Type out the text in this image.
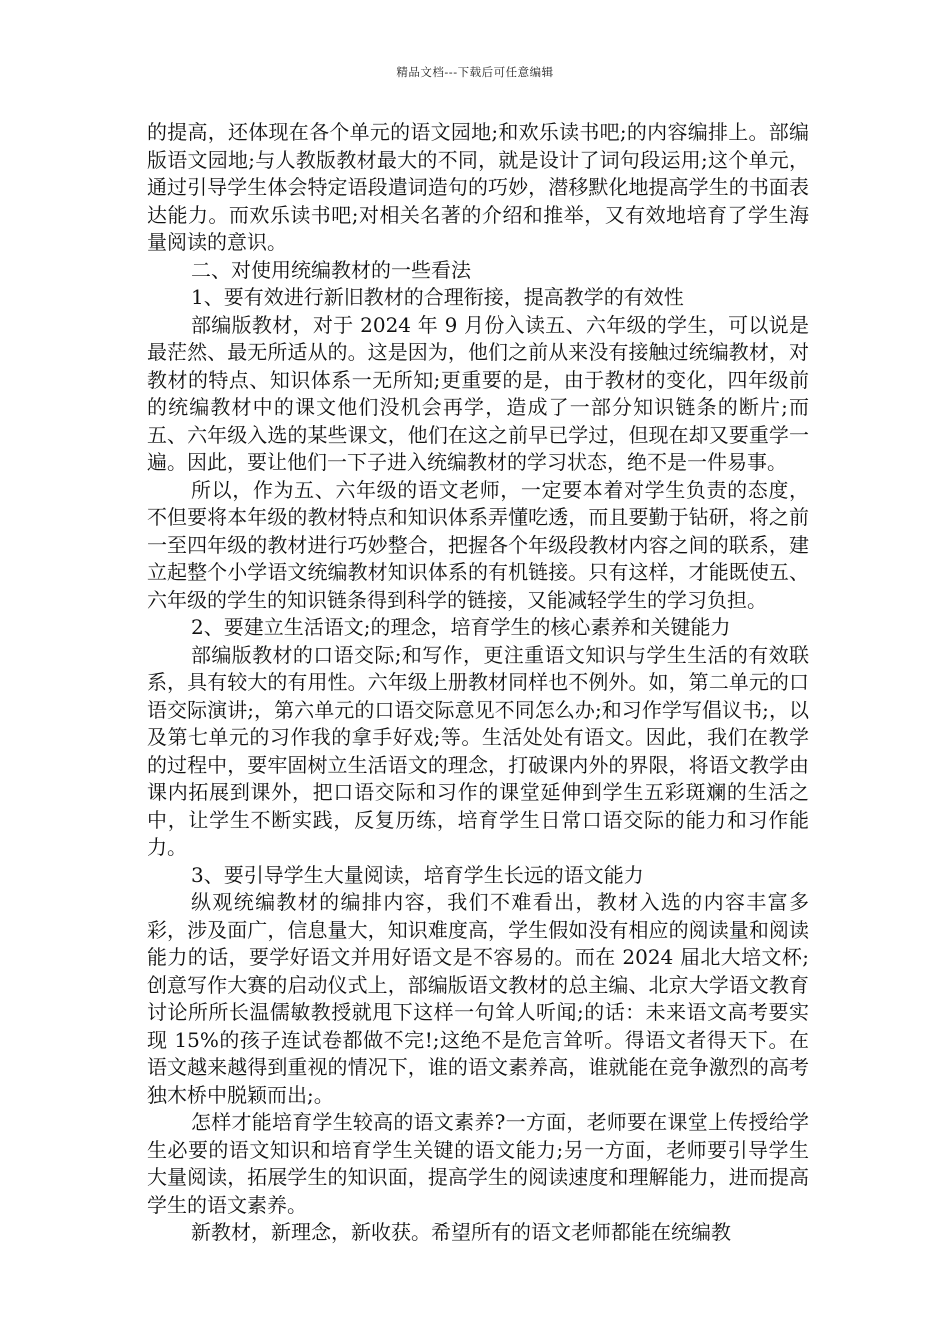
精品文档---下载后可任意编辑

的提高，还体现在各个单元的语文园地;和欢乐读书吧;的内容编排上。部编版语文园地;与人教版教材最大的不同，就是设计了词句段运用;这个单元，通过引导学生体会特定语段遣词造句的巧妙，潜移默化地提高学生的书面表达能力。而欢乐读书吧;对相关名著的介绍和推举，又有效地培育了学生海量阅读的意识。

二、对使用统编教材的一些看法

1、要有效进行新旧教材的合理衔接，提高教学的有效性

部编版教材，对于 2024 年 9 月份入读五、六年级的学生，可以说是最茫然、最无所适从的。这是因为，他们之前从来没有接触过统编教材，对教材的特点、知识体系一无所知;更重要的是，由于教材的变化，四年级前的统编教材中的课文他们没机会再学，造成了一部分知识链条的断片;而五、六年级入选的某些课文，他们在这之前早已学过，但现在却又要重学一遍。因此，要让他们一下子进入统编教材的学习状态，绝不是一件易事。

所以，作为五、六年级的语文老师，一定要本着对学生负责的态度，不但要将本年级的教材特点和知识体系弄懂吃透，而且要勤于钻研，将之前一至四年级的教材进行巧妙整合，把握各个年级段教材内容之间的联系，建立起整个小学语文统编教材知识体系的有机链接。只有这样，才能既使五、六年级的学生的知识链条得到科学的链接，又能减轻学生的学习负担。

2、要建立生活语文;的理念，培育学生的核心素养和关键能力

部编版教材的口语交际;和写作，更注重语文知识与学生生活的有效联系，具有较大的有用性。六年级上册教材同样也不例外。如，第二单元的口语交际演讲;，第六单元的口语交际意见不同怎么办;和习作学写倡议书;，以及第七单元的习作我的拿手好戏;等。生活处处有语文。因此，我们在教学的过程中，要牢固树立生活语文的理念，打破课内外的界限，将语文教学由课内拓展到课外，把口语交际和习作的课堂延伸到学生五彩斑斓的生活之中，让学生不断实践，反复历练，培育学生日常口语交际的能力和习作能力。

3、要引导学生大量阅读，培育学生长远的语文能力

纵观统编教材的编排内容，我们不难看出，教材入选的内容丰富多彩，涉及面广，信息量大，知识难度高，学生假如没有相应的阅读量和阅读能力的话，要学好语文并用好语文是不容易的。而在 2024 届北大培文杯;创意写作大赛的启动仪式上，部编版语文教材的总主编、北京大学语文教育讨论所所长温儒敏教授就甩下这样一句耸人听闻;的话：未来语文高考要实现 15%的孩子连试卷都做不完!;这绝不是危言耸听。得语文者得天下。在语文越来越得到重视的情况下，谁的语文素养高，谁就能在竞争激烈的高考独木桥中脱颖而出;。

怎样才能培育学生较高的语文素养?一方面，老师要在课堂上传授给学生必要的语文知识和培育学生关键的语文能力;另一方面，老师要引导学生大量阅读，拓展学生的知识面，提高学生的阅读速度和理解能力，进而提高学生的语文素养。

新教材，新理念，新收获。希望所有的语文老师都能在统编教
